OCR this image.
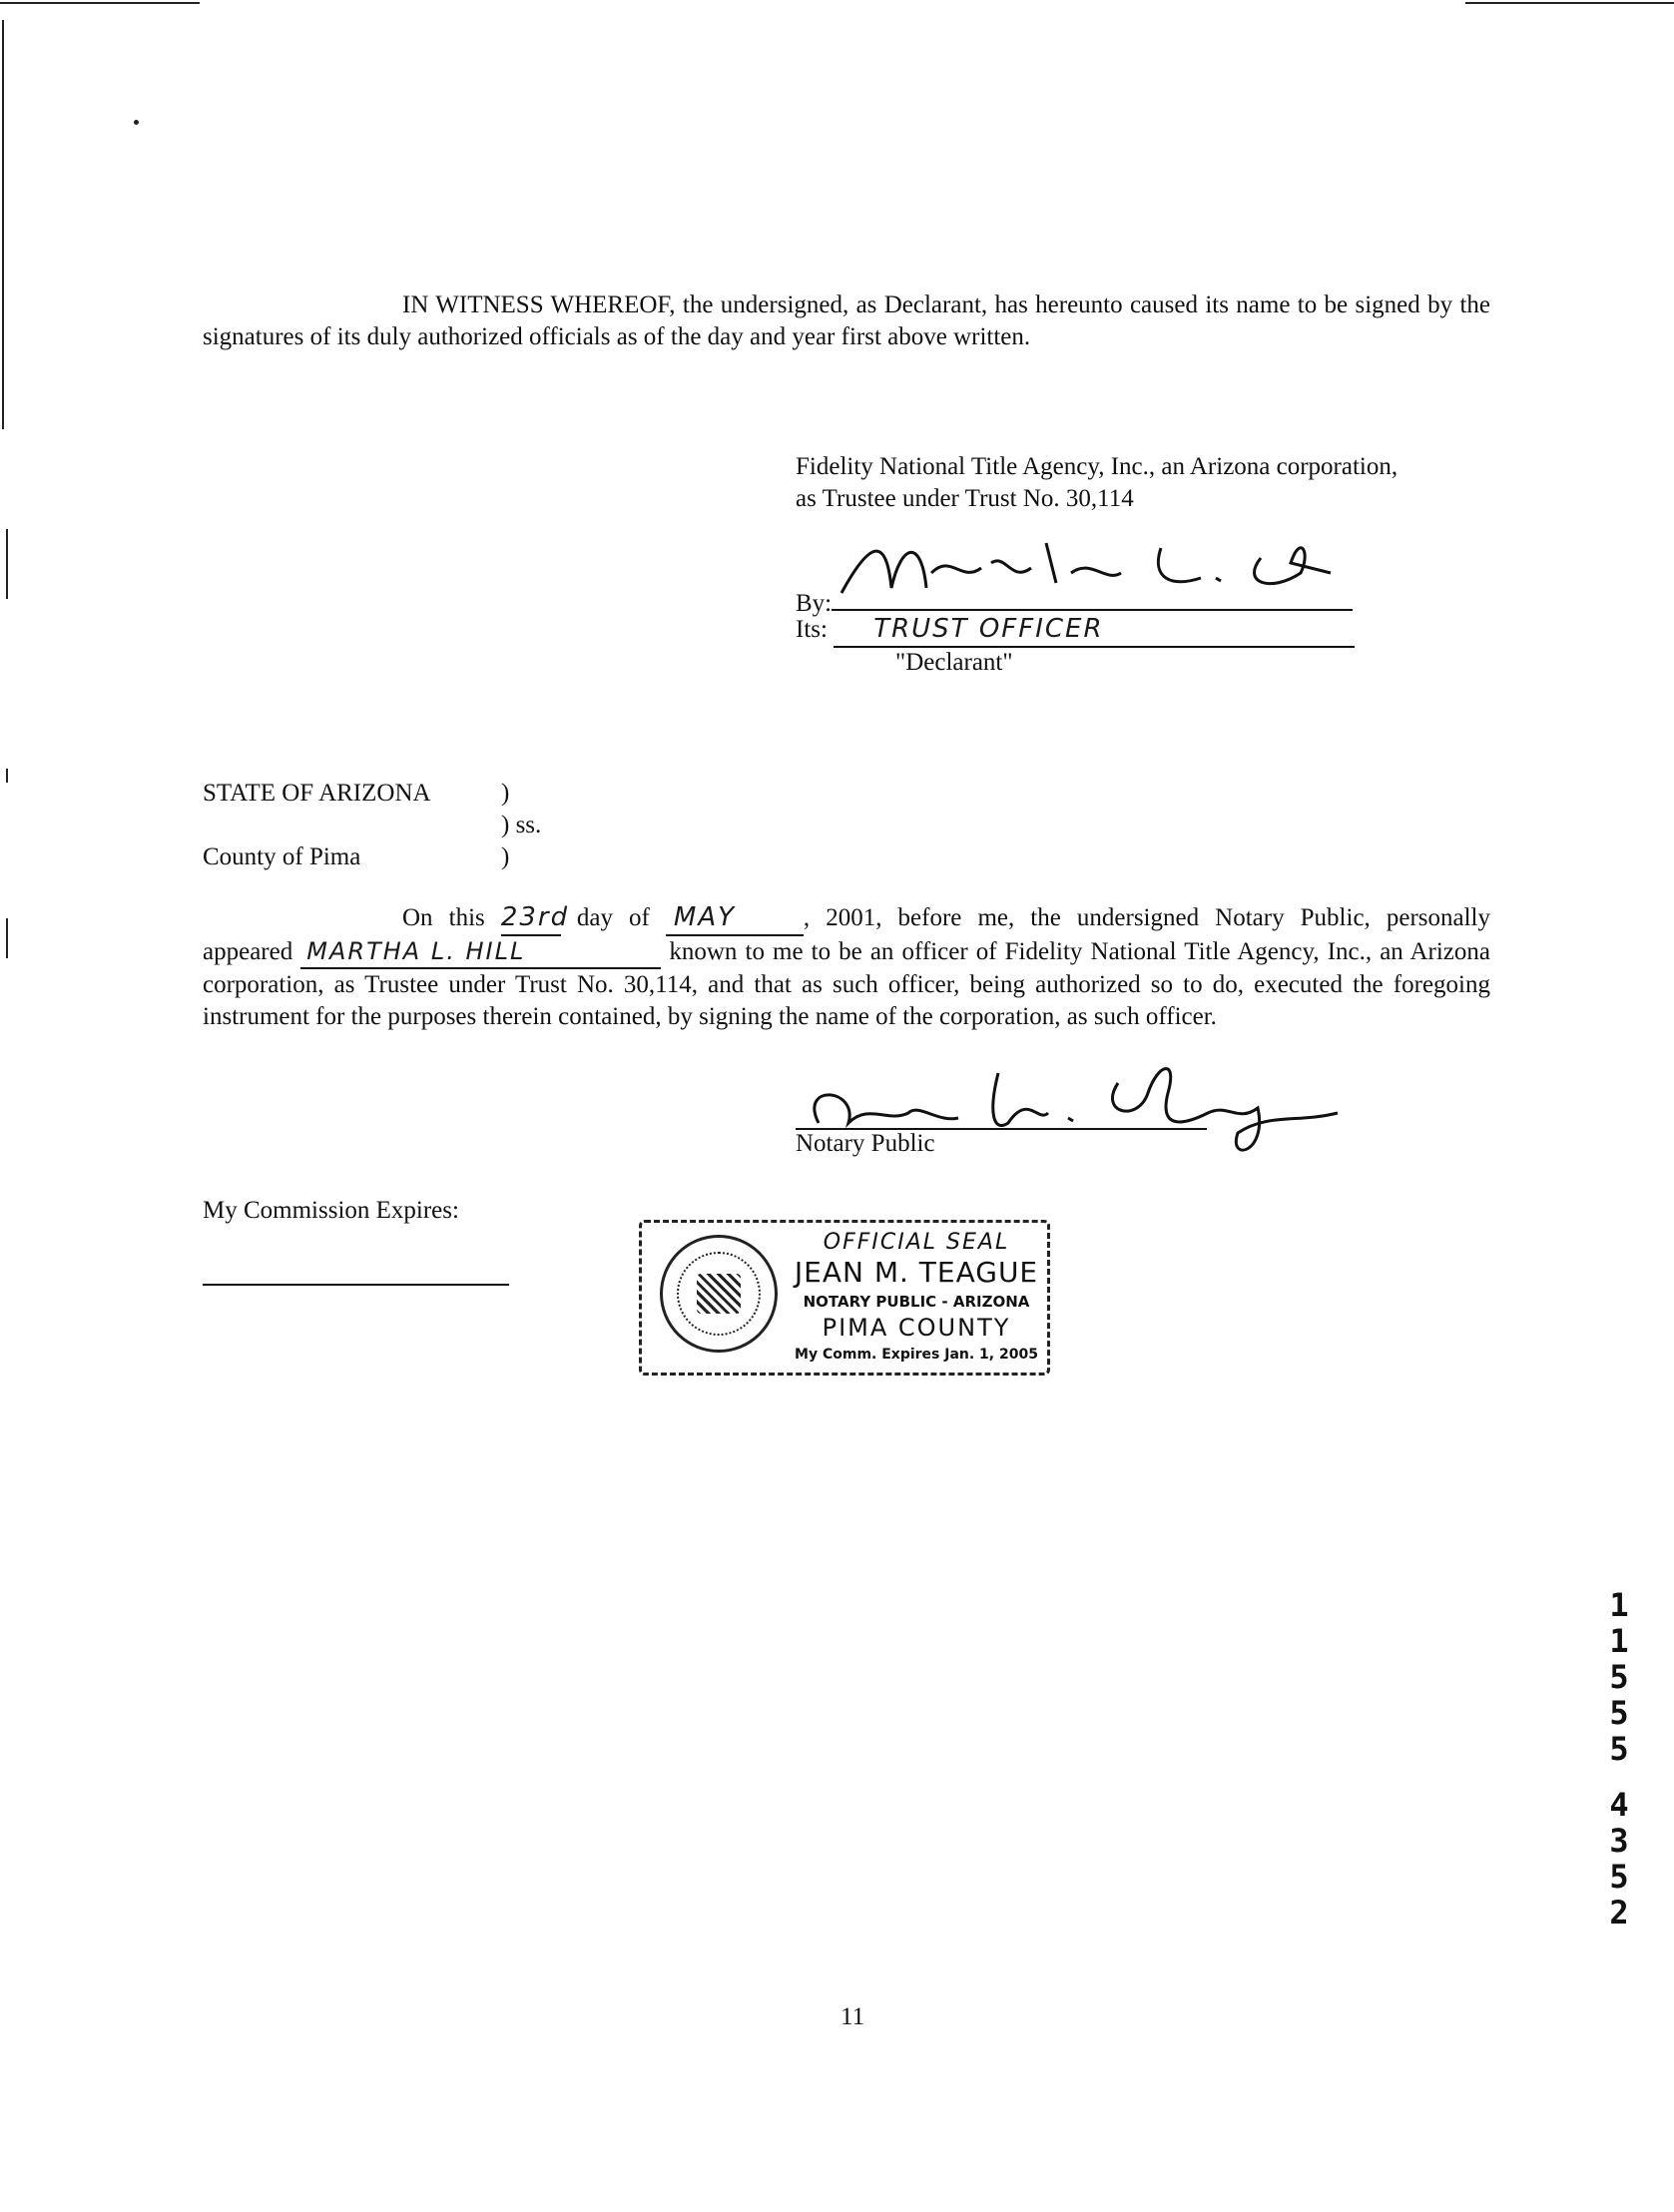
IN WITNESS WHEREOF, the undersigned, as Declarant, has hereunto caused its name to be signed by the signatures of its duly authorized officials as of the day and year first above written.
Fidelity National Title Agency, Inc., an Arizona corporation,
as Trustee under Trust No. 30,114
By:
Its: TRUST OFFICER
"Declarant"
STATE OF ARIZONA	)
) ss.
County of Pima	)
On this 23rd day of MAY	, 2001, before me, the undersigned Notary Public, personally
appeared MARTHA L. HILL	known to me to be an officer of Fidelity National Title Agency, Inc., an Arizona corporation, as Trustee under Trust No. 30,114, and that as such officer, being authorized so to do, executed the foregoing instrument for the purposes therein contained, by signing the name of the corporation, as such officer.
Notary Public
My Commission Expires:
OFFICIAL SEAL
JEAN M. TEAGUE
NOTARY PUBLIC - ARIZONA
PIMA COUNTY
My Comm. Expires Jan. 1, 2005
1
1
5
5
5
4
3
5
2
11
